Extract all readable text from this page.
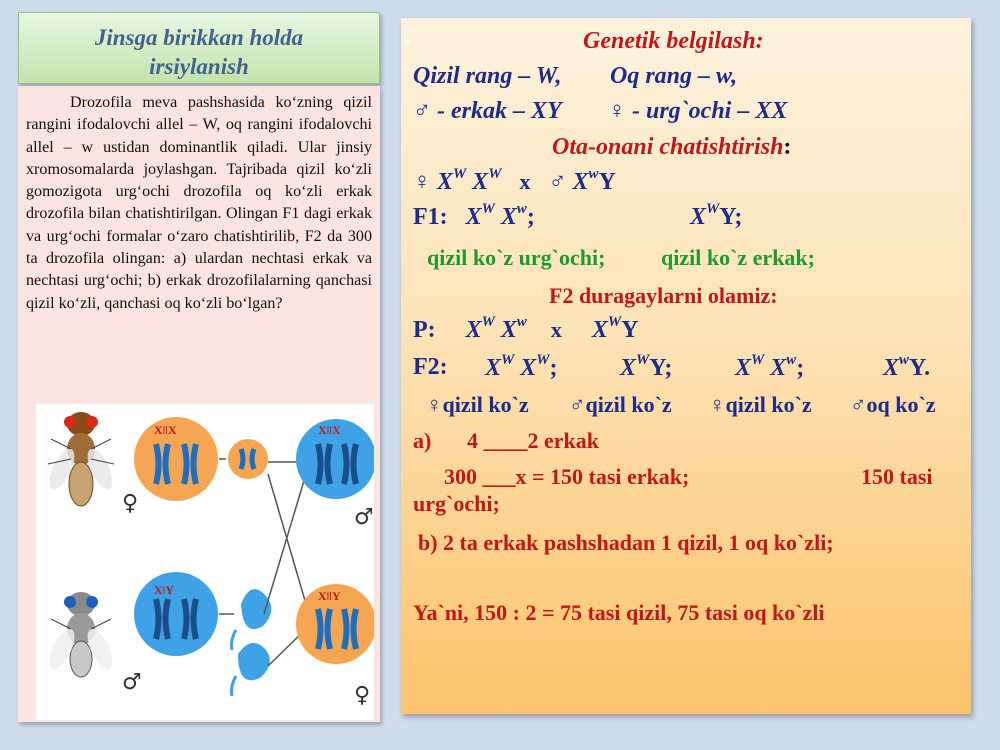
Jinsga birikkan holda
irsiylanish

Drozofila meva pashshasida ko‘zning qizil rangini ifodalovchi allel – W, oq rangini ifodalovchi allel – w ustidan dominantlik qiladi. Ular jinsiy xromosomalarda joylashgan. Tajribada qizil ko‘zli gomozigota urg‘ochi drozofila oq ko‘zli erkak drozofila bilan chatishtirilgan. Olingan F1 dagi erkak va urg‘ochi formalar o‘zaro chatishtirilib, F2 da 300 ta drozofila olingan: a) ulardan nechtasi erkak va nechtasi urg‘ochi; b) erkak drozofilalarning qanchasi qizil ko‘zli, qanchasi oq ko‘zli bo‘lgan?

♀
♂
XǀǀX
XǀY
XǀǀX
XǀǀY
♂
♀
Genetik belgilash:
Qizil rang – W, Oq rang – w,
♂ - erkak – XY ♀ - urg`ochi – XX
Ota-onani chatishtirish:
♀ $X^W$ $X^W$ x ♂ $X^wY$
F1: $X^W$ $X^w$;	$X^WY$;
qizil ko`z urg`ochi;	qizil ko`z erkak;
F2 duragaylarni olamiz:
P: $X^W$ $X^w$ x $X^WY$
F2: $X^W$ $X^W$;	$X^WY$;	$X^W$ $X^w$;	$X^wY$.
♀qizil ko`z ♂qizil ko`z ♀qizil ko`z ♂oq ko`z
a) 4 ____2 erkak
300 ___x = 150 tasi erkak;	150 tasi
urg`ochi;
b) 2 ta erkak pashshadan 1 qizil, 1 oq ko`zli;
Ya`ni, 150 : 2 = 75 tasi qizil, 75 tasi oq ko`zli
